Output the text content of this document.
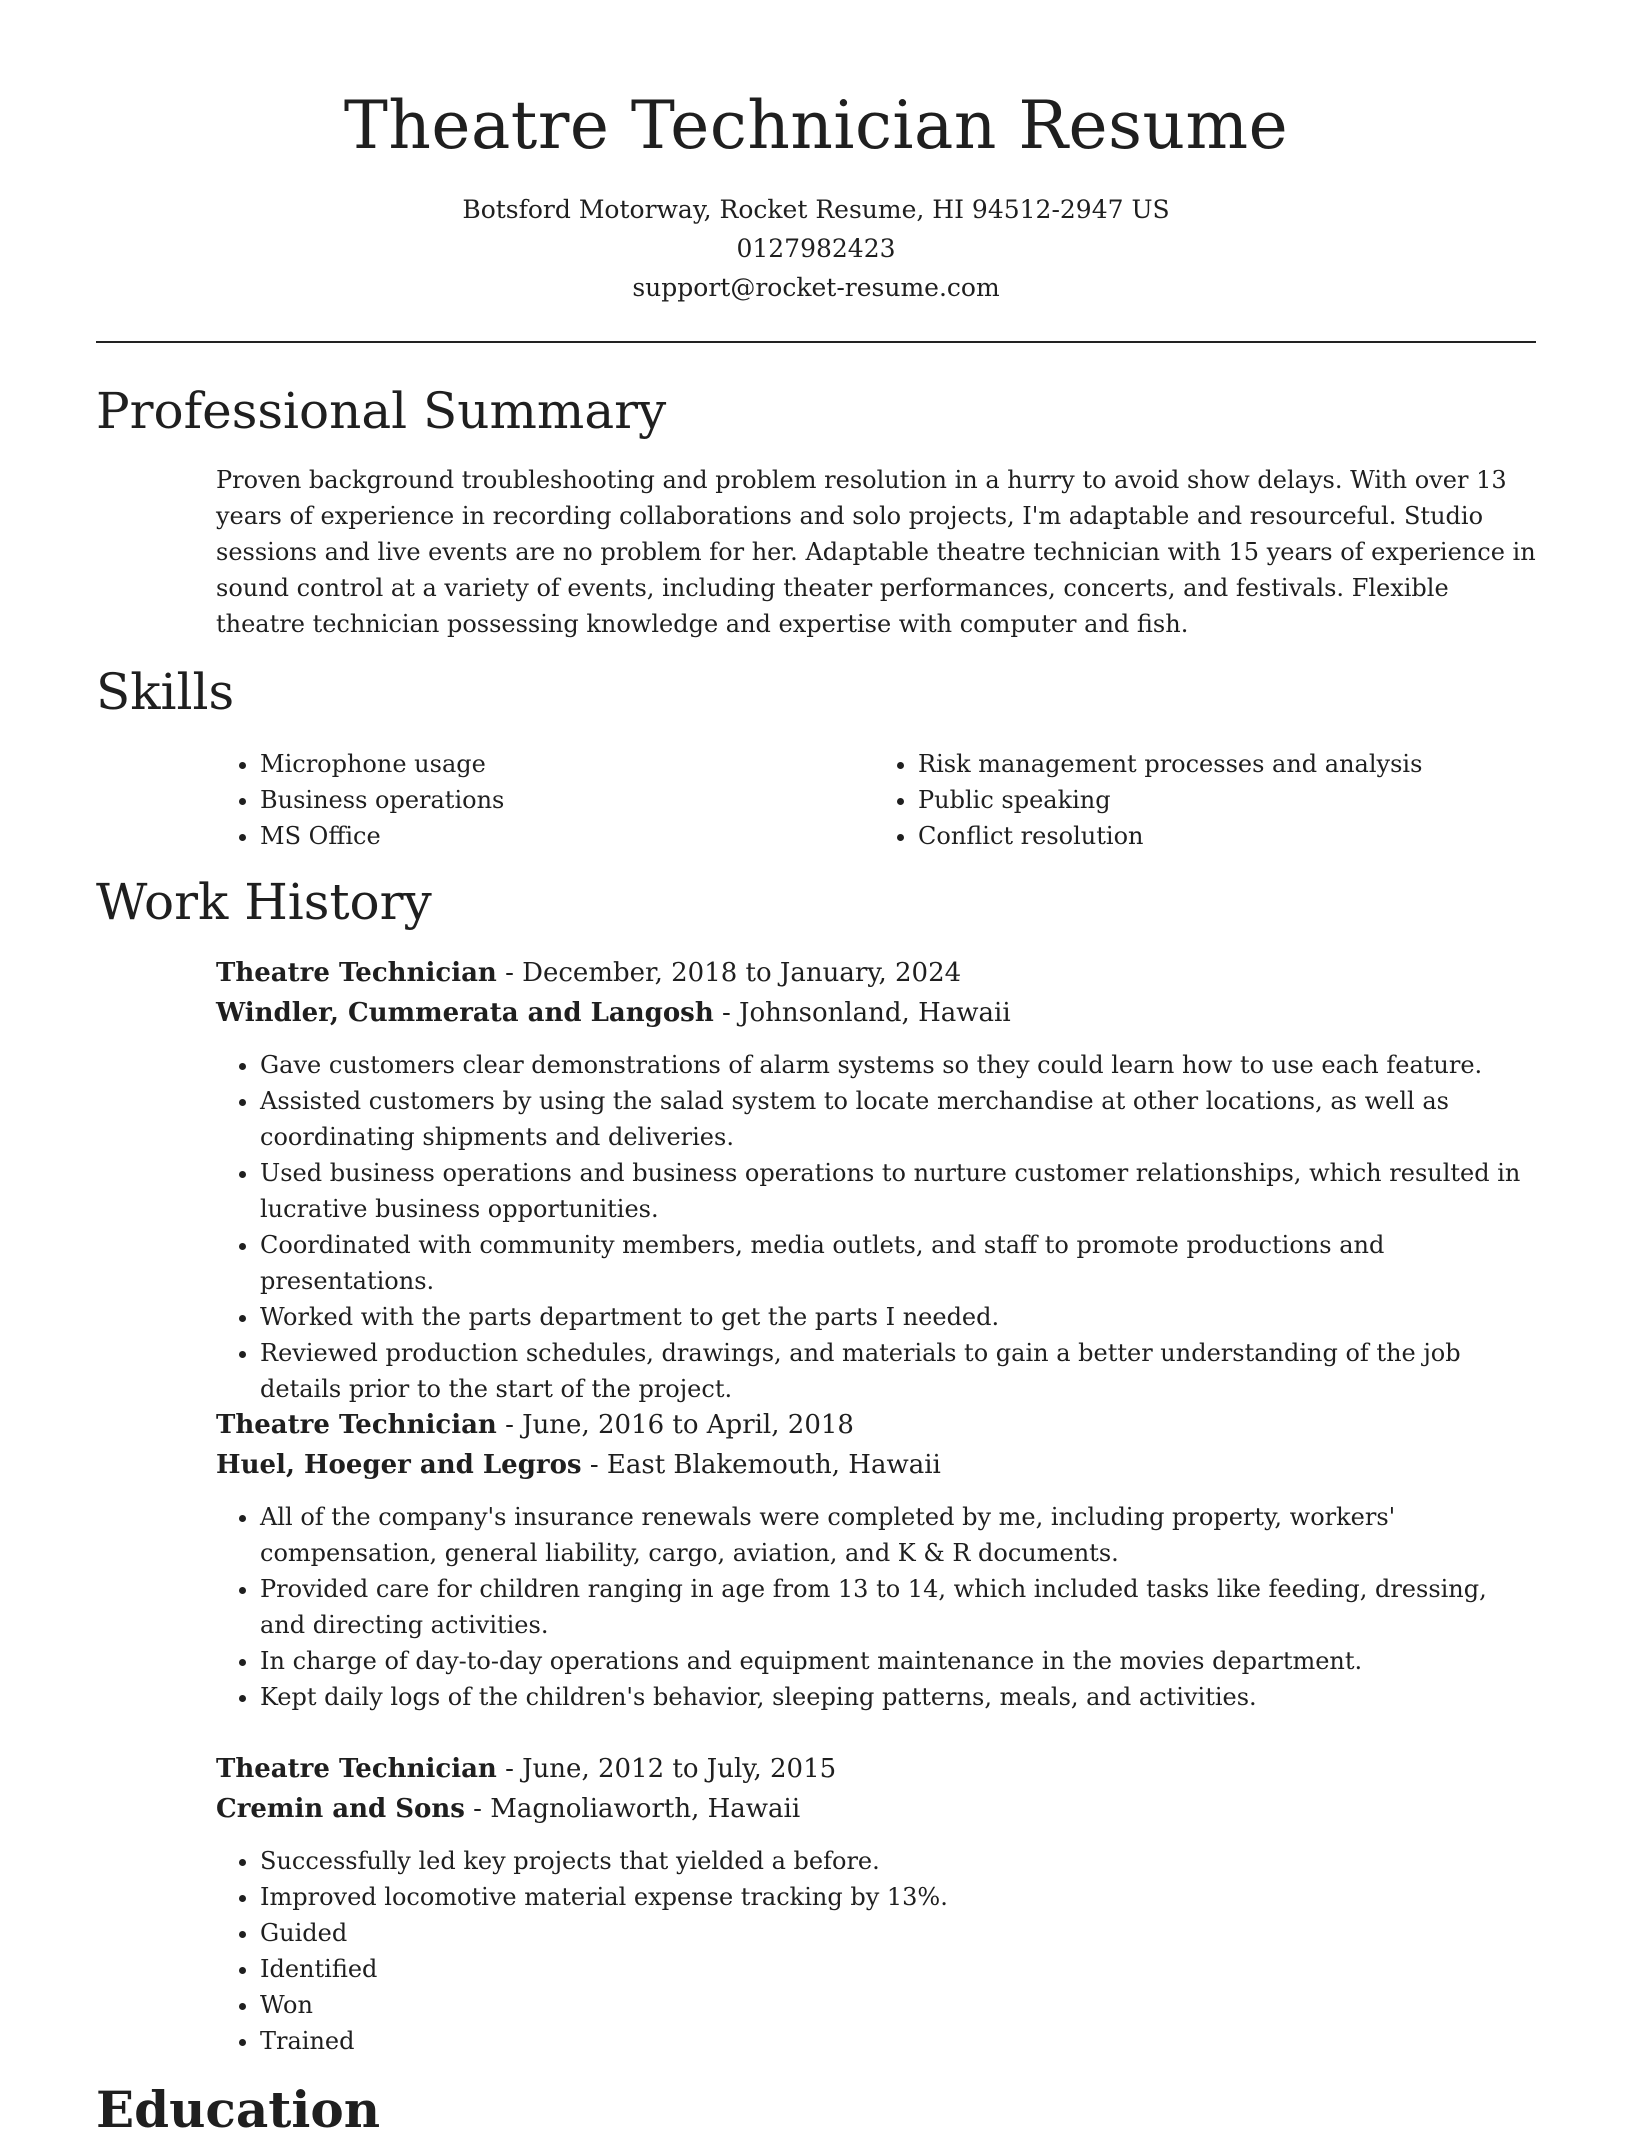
Theatre Technician Resume
Botsford Motorway, Rocket Resume, HI 94512-2947 US
0127982423
support@rocket-resume.com
Professional Summary

Proven background troubleshooting and problem resolution in a hurry to avoid show delays. With over 13 years of experience in recording collaborations and solo projects, I'm adaptable and resourceful. Studio sessions and live events are no problem for her. Adaptable theatre technician with 15 years of experience in sound control at a variety of events, including theater performances, concerts, and festivals. Flexible theatre technician possessing knowledge and expertise with computer and fish.

Skills
• Microphone usage
• Business operations
• MS Office
• Risk management processes and analysis
• Public speaking
• Conflict resolution
Work History
Theatre Technician - December, 2018 to January, 2024
Windler, Cummerata and Langosh - Johnsonland, Hawaii
• Gave customers clear demonstrations of alarm systems so they could learn how to use each feature.
• Assisted customers by using the salad system to locate merchandise at other locations, as well as coordinating shipments and deliveries.
• Used business operations and business operations to nurture customer relationships, which resulted in lucrative business opportunities.
• Coordinated with community members, media outlets, and staff to promote productions and presentations.
• Worked with the parts department to get the parts I needed.
• Reviewed production schedules, drawings, and materials to gain a better understanding of the job details prior to the start of the project.
Theatre Technician - June, 2016 to April, 2018
Huel, Hoeger and Legros - East Blakemouth, Hawaii
• All of the company's insurance renewals were completed by me, including property, workers' compensation, general liability, cargo, aviation, and K & R documents.
• Provided care for children ranging in age from 13 to 14, which included tasks like feeding, dressing, and directing activities.
• In charge of day-to-day operations and equipment maintenance in the movies department.
• Kept daily logs of the children's behavior, sleeping patterns, meals, and activities.
Theatre Technician - June, 2012 to July, 2015
Cremin and Sons - Magnoliaworth, Hawaii
• Successfully led key projects that yielded a before.
• Improved locomotive material expense tracking by 13%.
• Guided
• Identified
• Won
• Trained
Education
